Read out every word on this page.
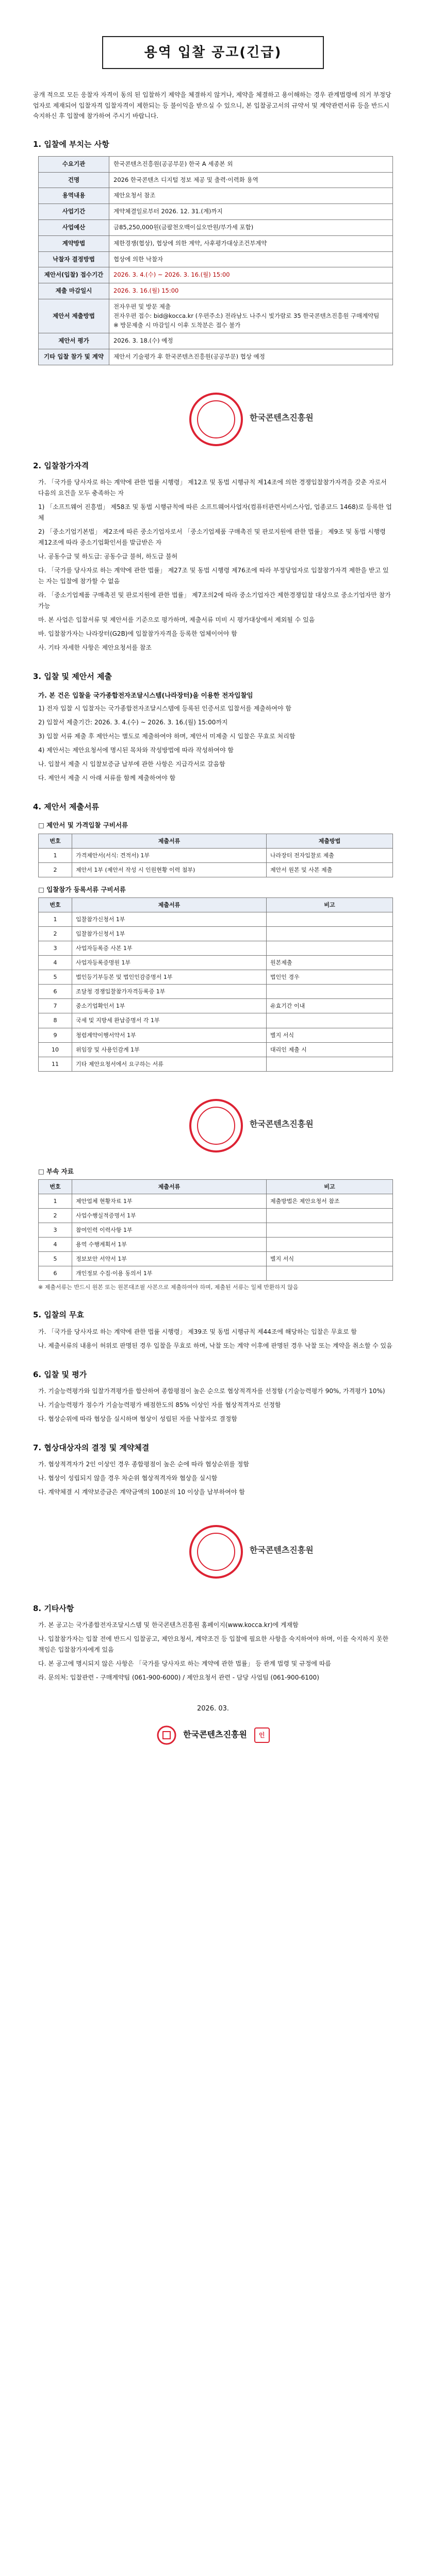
용역 입찰 공고(긴급)
공개 적으로 모든 응찰자 자격이 동의 된 입찰하기 제약을 체결하지 않거나, 제약을 체결하고 용이해하는 경우 관계법령에 의거 부정당업자로 제재되어 입찰자격 입찰자격이 제한되는 등 불이익을 받으실 수 있으니, 본 입찰공고서의 규약서 및 계약관련서류 등을 반드시 숙지하신 후 입찰에 참가하여 주시기 바랍니다.
1. 입찰에 부치는 사항
수요기관	한국콘텐츠진흥원(공공부문) 한국 A 세종본 외
건명	2026 한국콘텐츠 디지털 정보 제공 및 출력·이력화 용역
용역내용	제안요청서 참조
사업기간	계약체결일로부터 2026. 12. 31.(계)까지
사업예산	금85,250,000원(금팔천오백이십오만원/부가세 포함)
계약방법	제한경쟁(협상), 협상에 의한 계약, 사후평가대상조건부계약
낙찰자 결정방법	협상에 의한 낙찰자
제안서(입찰) 접수기간	2026. 3. 4.(수) ~ 2026. 3. 16.(월) 15:00
제출 마감일시	2026. 3. 16.(월) 15:00
제안서 제출방법	전자우편 및 방문 제출
전자우편 접수: bid@kocca.kr (우편주소) 전라남도 나주시 빛가람로 35 한국콘텐츠진흥원 구매계약팀
※ 방문제출 시 마감일시 이후 도착분은 접수 불가

제안서 평가	2026. 3. 18.(수) 예정
기타 입찰 참가 및 계약	제안서 기술평가 후 한국콘텐츠진흥원(공공부문) 협상 예정
한국콘텐츠진흥원
2. 입찰참가자격

가. 「국가를 당사자로 하는 계약에 관한 법률 시행령」 제12조 및 동법 시행규칙 제14조에 의한 경쟁입찰참가자격을 갖춘 자로서 다음의 요건을 모두 충족하는 자

1) 「소프트웨어 진흥법」 제58조 및 동법 시행규칙에 따른 소프트웨어사업자(컴퓨터관련서비스사업, 업종코드 1468)로 등록한 업체

2) 「중소기업기본법」 제2조에 따른 중소기업자로서 「중소기업제품 구매촉진 및 판로지원에 관한 법률」 제9조 및 동법 시행령 제12조에 따라 중소기업확인서를 발급받은 자

나. 공동수급 및 하도급: 공동수급 불허, 하도급 불허

다. 「국가를 당사자로 하는 계약에 관한 법률」 제27조 및 동법 시행령 제76조에 따라 부정당업자로 입찰참가자격 제한을 받고 있는 자는 입찰에 참가할 수 없음

라. 「중소기업제품 구매촉진 및 판로지원에 관한 법률」 제7조의2에 따라 중소기업자간 제한경쟁입찰 대상으로 중소기업자만 참가 가능

마. 본 사업은 입찰서류 및 제안서를 기준으로 평가하며, 제출서류 미비 시 평가대상에서 제외될 수 있음

바. 입찰참가자는 나라장터(G2B)에 입찰참가자격을 등록한 업체이어야 함

사. 기타 자세한 사항은 제안요청서를 참조

3. 입찰 및 제안서 제출
가. 본 건은 입찰을 국가종합전자조달시스템(나라장터)을 이용한 전자입찰임

1) 전자 입찰 시 입찰자는 국가종합전자조달시스템에 등록된 인증서로 입찰서를 제출하여야 함

2) 입찰서 제출기간: 2026. 3. 4.(수) ~ 2026. 3. 16.(월) 15:00까지

3) 입찰 서류 제출 후 제안서는 별도로 제출하여야 하며, 제안서 미제출 시 입찰은 무효로 처리함

4) 제안서는 제안요청서에 명시된 목차와 작성방법에 따라 작성하여야 함

나. 입찰서 제출 시 입찰보증금 납부에 관한 사항은 지급각서로 갈음함

다. 제안서 제출 시 아래 서류를 함께 제출하여야 함

4. 제안서 제출서류
□ 제안서 및 가격입찰 구비서류
번호	제출서류	제출방법
1	가격제안서(서식: 견적서) 1부	나라장터 전자입찰로 제출
2	제안서 1부 (제안서 작성 시 인원현황 이력 첨부)	제안서 원본 및 사본 제출
□ 입찰참가 등록서류 구비서류
번호	제출서류	비고
1	입찰참가신청서 1부	
2	입찰참가신청서 1부	
3	사업자등록증 사본 1부	
4	사업자등록증명원 1부	원본제출
5	법인등기부등본 및 법인인감증명서 1부	법인인 경우
6	조달청 경쟁입찰참가자격등록증 1부	
7	중소기업확인서 1부	유효기간 이내
8	국세 및 지방세 완납증명서 각 1부	
9	청렴계약이행서약서 1부	별지 서식
10	위임장 및 사용인감계 1부	대리인 제출 시
11	기타 제안요청서에서 요구하는 서류	
한국콘텐츠진흥원
□ 부속 자료
번호	제출서류	비고
1	제안업체 현황자료 1부	제출방법은 제안요청서 참조
2	사업수행실적증명서 1부	
3	참여인력 이력사항 1부	
4	용역 수행계획서 1부	
5	정보보안 서약서 1부	별지 서식
6	개인정보 수집·이용 동의서 1부	
※ 제출서류는 반드시 원본 또는 원본대조필 사본으로 제출하여야 하며, 제출된 서류는 일체 반환하지 않음
5. 입찰의 무효

가. 「국가를 당사자로 하는 계약에 관한 법률 시행령」 제39조 및 동법 시행규칙 제44조에 해당하는 입찰은 무효로 함

나. 제출서류의 내용이 허위로 판명된 경우 입찰을 무효로 하며, 낙찰 또는 계약 이후에 판명된 경우 낙찰 또는 계약을 취소할 수 있음

6. 입찰 및 평가

가. 기술능력평가와 입찰가격평가를 합산하여 종합평점이 높은 순으로 협상적격자를 선정함 (기술능력평가 90%, 가격평가 10%)

나. 기술능력평가 점수가 기술능력평가 배점한도의 85% 이상인 자를 협상적격자로 선정함

다. 협상순위에 따라 협상을 실시하며 협상이 성립된 자를 낙찰자로 결정함

7. 협상대상자의 결정 및 계약체결

가. 협상적격자가 2인 이상인 경우 종합평점이 높은 순에 따라 협상순위를 정함

나. 협상이 성립되지 않을 경우 차순위 협상적격자와 협상을 실시함

다. 계약체결 시 계약보증금은 계약금액의 100분의 10 이상을 납부하여야 함

한국콘텐츠진흥원
8. 기타사항

가. 본 공고는 국가종합전자조달시스템 및 한국콘텐츠진흥원 홈페이지(www.kocca.kr)에 게재함

나. 입찰참가자는 입찰 전에 반드시 입찰공고, 제안요청서, 계약조건 등 입찰에 필요한 사항을 숙지하여야 하며, 이를 숙지하지 못한 책임은 입찰참가자에게 있음

다. 본 공고에 명시되지 않은 사항은 「국가를 당사자로 하는 계약에 관한 법률」 등 관계 법령 및 규정에 따름

라. 문의처: 입찰관련 - 구매계약팀 (061-900-6000) / 제안요청서 관련 - 담당 사업팀 (061-900-6100)

2026. 03.
한국콘텐츠진흥원 인
